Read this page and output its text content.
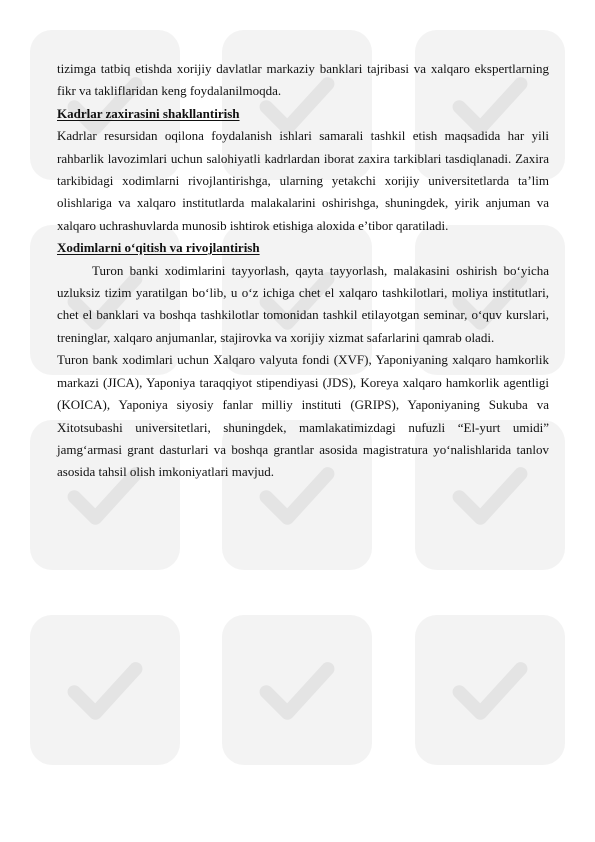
tizimga tatbiq etishda xorijiy davlatlar markaziy banklari tajribasi va xalqaro ekspertlarning fikr va takliflaridan keng foydalanilmoqda.

Kadrlar zaxirasini shakllantirish

Kadrlar resursidan oqilona foydalanish ishlari samarali tashkil etish maqsadida har yili rahbarlik lavozimlari uchun salohiyatli kadrlardan iborat zaxira tarkiblari tasdiqlanadi. Zaxira tarkibidagi xodimlarni rivojlantirishga, ularning yetakchi xorijiy universitetlarda taʼlim olishlariga va xalqaro institutlarda malakalarini oshirishga, shuningdek, yirik anjuman va xalqaro uchrashuvlarda munosib ishtirok etishiga aloxida eʼtibor qaratiladi.

Xodimlarni oʻqitish va rivojlantirish

Turon banki xodimlarini tayyorlash, qayta tayyorlash, malakasini oshirish boʻyicha uzluksiz tizim yaratilgan boʻlib, u oʻz ichiga chet el xalqaro tashkilotlari, moliya institutlari, chet el banklari va boshqa tashkilotlar tomonidan tashkil etilayotgan seminar, oʻquv kurslari, treninglar, xalqaro anjumanlar, stajirovka va xorijiy xizmat safarlarini qamrab oladi.

Turon bank xodimlari uchun Xalqaro valyuta fondi (XVF), Yaponiyaning xalqaro hamkorlik markazi (JICA), Yaponiya taraqqiyot stipendiyasi (JDS), Koreya xalqaro hamkorlik agentligi (KOICA), Yaponiya siyosiy fanlar milliy instituti (GRIPS), Yaponiyaning Sukuba va Xitotsubashi universitetlari, shuningdek, mamlakatimizdagi nufuzli “El-yurt umidi” jamgʻarmasi grant dasturlari va boshqa grantlar asosida magistratura yoʻnalishlarida tanlov asosida tahsil olish imkoniyatlari mavjud.
